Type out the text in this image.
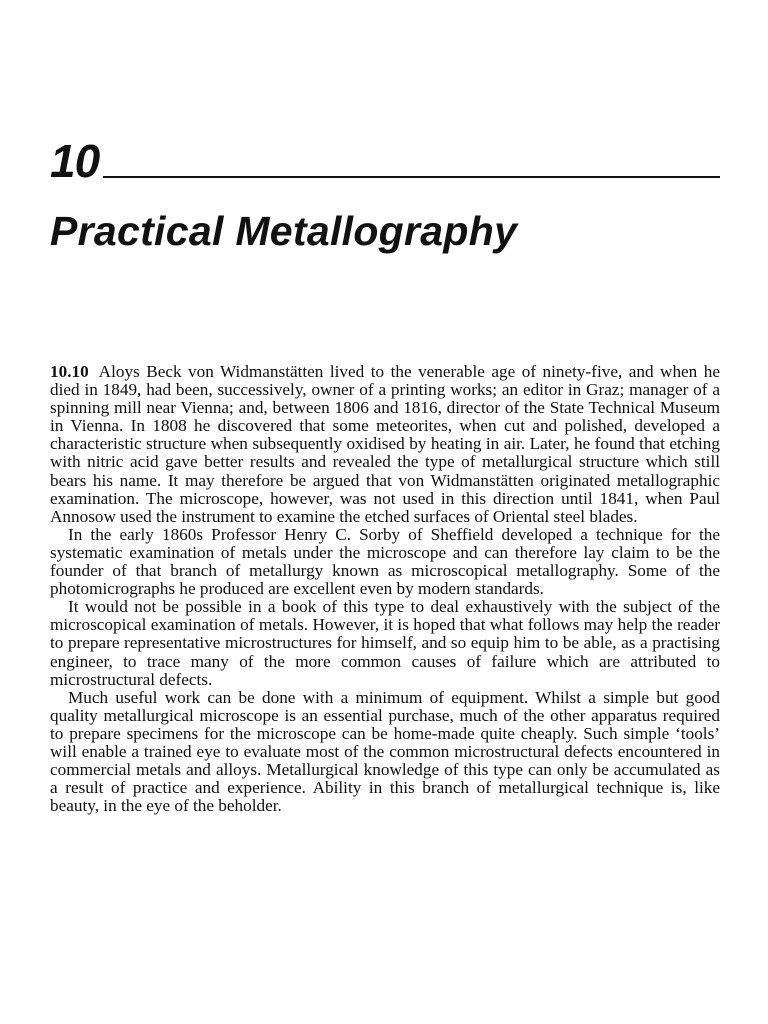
10
Practical Metallography

10.10 Aloys Beck von Widmanstätten lived to the venerable age of ninety-five, and when he died in 1849, had been, successively, owner of a printing works; an editor in Graz; manager of a spinning mill near Vienna; and, between 1806 and 1816, director of the State Technical Museum in Vienna. In 1808 he discovered that some meteorites, when cut and polished, developed a characteristic structure when subsequently oxidised by heating in air. Later, he found that etching with nitric acid gave better results and revealed the type of metallurgical structure which still bears his name. It may therefore be argued that von Widmanstätten originated metallographic examination. The microscope, however, was not used in this direction until 1841, when Paul Annosow used the instrument to examine the etched surfaces of Oriental steel blades.

In the early 1860s Professor Henry C. Sorby of Sheffield developed a technique for the systematic examination of metals under the microscope and can therefore lay claim to be the founder of that branch of metallurgy known as microscopical metallography. Some of the photomicrographs he produced are excellent even by modern standards.

It would not be possible in a book of this type to deal exhaustively with the subject of the microscopical examination of metals. However, it is hoped that what follows may help the reader to prepare representative microstructures for himself, and so equip him to be able, as a practising engineer, to trace many of the more common causes of failure which are attributed to microstructural defects.

Much useful work can be done with a minimum of equipment. Whilst a simple but good quality metallurgical microscope is an essential purchase, much of the other apparatus required to prepare specimens for the microscope can be home-made quite cheaply. Such simple ‘tools’ will enable a trained eye to evaluate most of the common microstructural defects encountered in commercial metals and alloys. Metallurgical knowledge of this type can only be accumulated as a result of practice and experience. Ability in this branch of metallurgical technique is, like beauty, in the eye of the beholder.
